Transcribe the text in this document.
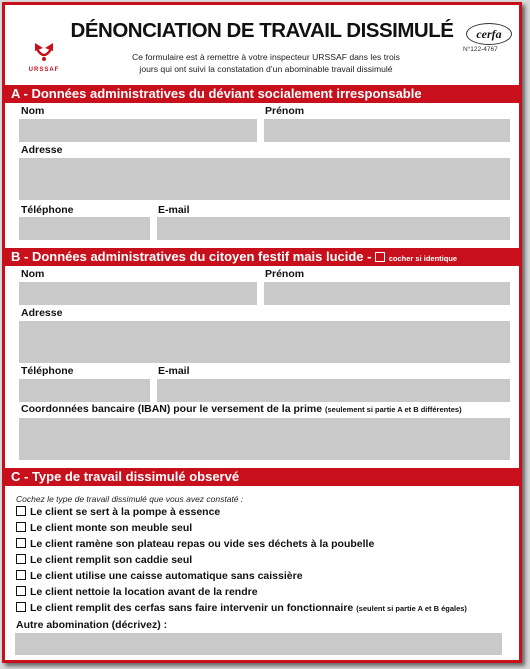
URSSAF
DÉNONCIATION DE TRAVAIL DISSIMULÉ
Ce formulaire est à remettre à votre inspecteur URSSAF dans les trois
jours qui ont suivi la constatation d’un abominable travail dissimulé
cerfa
N°122-4767
A - Données administratives du déviant socialement irresponsable
Nom	Prénom
Adresse
Téléphone	E-mail
B - Données administratives du citoyen festif mais lucide -  cocher si identique
Nom	Prénom
Adresse
Téléphone	E-mail
Coordonnées bancaire (IBAN) pour le versement de la prime (seulement si partie A et B différentes)
C - Type de travail dissimulé observé
Cochez le type de travail dissimulé que vous avez constaté :
Le client se sert à la pompe à essence
Le client monte son meuble seul
Le client ramène son plateau repas ou vide ses déchets à la poubelle
Le client remplit son caddie seul
Le client utilise une caisse automatique sans caissière
Le client nettoie la location avant de la rendre
Le client remplit des cerfas sans faire intervenir un fonctionnaire (seulent si partie A et B égales)
Autre abomination (décrivez) :
